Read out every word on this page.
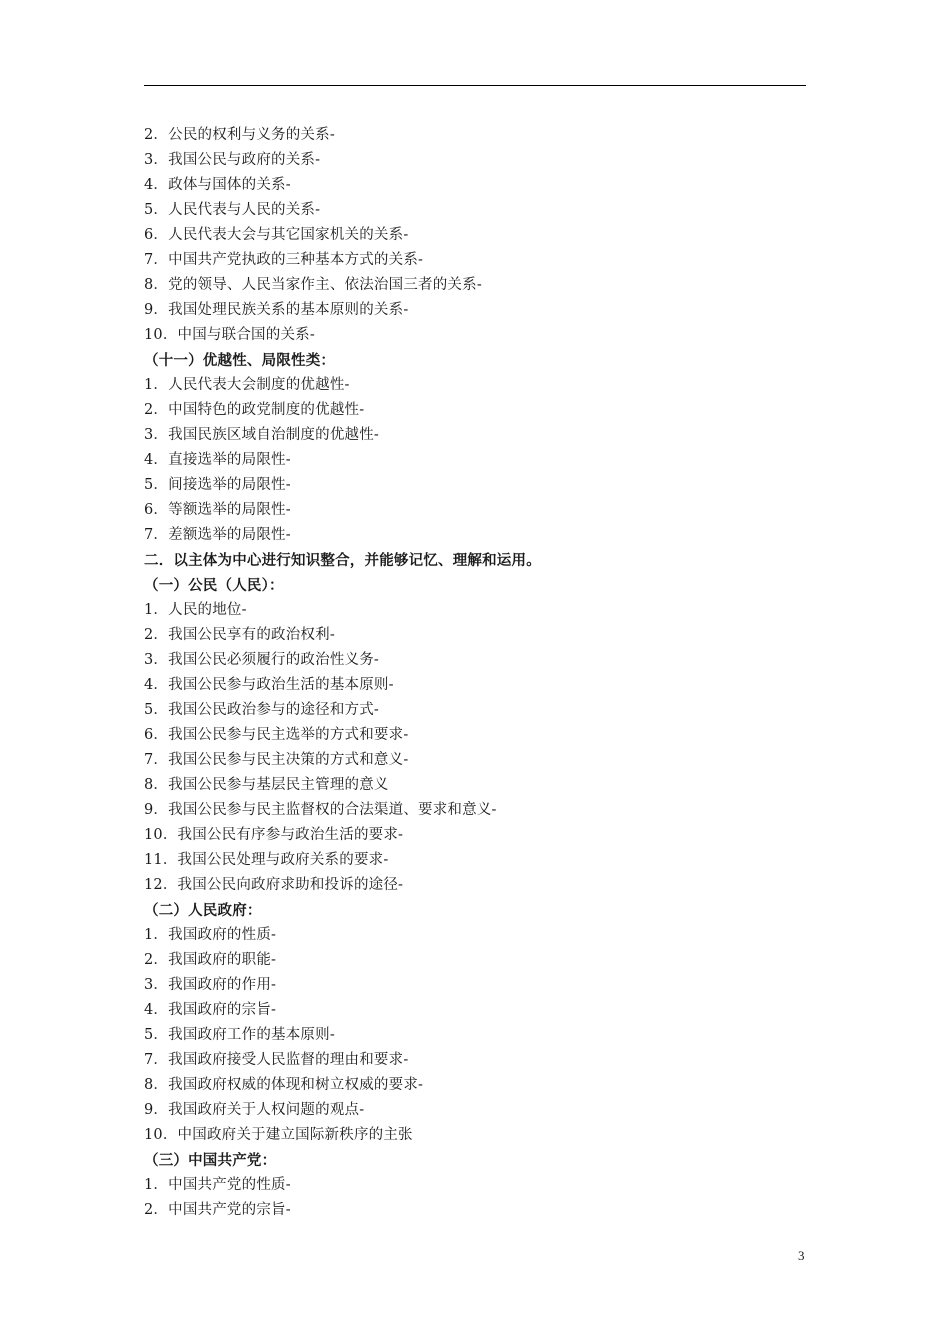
2．公民的权利与义务的关系-
3．我国公民与政府的关系-
4．政体与国体的关系-
5．人民代表与人民的关系-
6．人民代表大会与其它国家机关的关系-
7．中国共产党执政的三种基本方式的关系-
8．党的领导、人民当家作主、依法治国三者的关系-
9．我国处理民族关系的基本原则的关系-
10．中国与联合国的关系-
（十一）优越性、局限性类：
1．人民代表大会制度的优越性-
2．中国特色的政党制度的优越性-
3．我国民族区域自治制度的优越性-
4．直接选举的局限性-
5．间接选举的局限性-
6．等额选举的局限性-
7．差额选举的局限性-
二．以主体为中心进行知识整合，并能够记忆、理解和运用。
（一）公民（人民）：
1．人民的地位-
2．我国公民享有的政治权利-
3．我国公民必须履行的政治性义务-
4．我国公民参与政治生活的基本原则-
5．我国公民政治参与的途径和方式-
6．我国公民参与民主选举的方式和要求-
7．我国公民参与民主决策的方式和意义-
8．我国公民参与基层民主管理的意义
9．我国公民参与民主监督权的合法渠道、要求和意义-
10．我国公民有序参与政治生活的要求-
11．我国公民处理与政府关系的要求-
12．我国公民向政府求助和投诉的途径-
（二）人民政府：
1．我国政府的性质-
2．我国政府的职能-
3．我国政府的作用-
4．我国政府的宗旨-
5．我国政府工作的基本原则-
7．我国政府接受人民监督的理由和要求-
8．我国政府权威的体现和树立权威的要求-
9．我国政府关于人权问题的观点-
10．中国政府关于建立国际新秩序的主张
（三）中国共产党：
1．中国共产党的性质-
2．中国共产党的宗旨-
3
